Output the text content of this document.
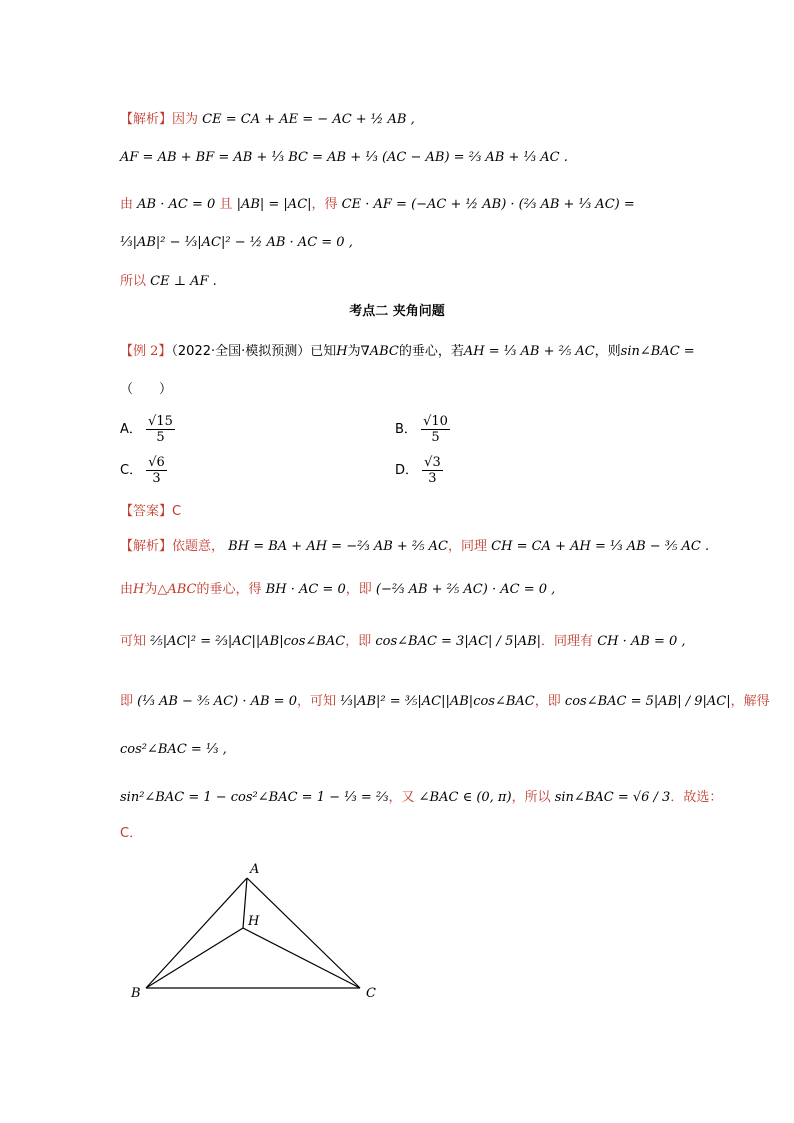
【解析】因为 CE = CA + AE = − AC + ½ AB ,
AF = AB + BF = AB + ⅓ BC = AB + ⅓ (AC − AB) = ⅔ AB + ⅓ AC .
由 AB · AC = 0 且 |AB| = |AC|，得 CE · AF = (−AC + ½ AB) · (⅔ AB + ⅓ AC) =
⅓|AB|² − ⅓|AC|² − ½ AB · AC = 0 ,
所以 CE ⊥ AF .
考点二 夹角问题
【例 2】（2022·全国·模拟预测）已知H为∇ABC的垂心，若AH = ⅓ AB + ⅖ AC，则sin∠BAC =
（　　）
A． $\frac{√15}{5}$	B． $\frac{√10}{5}$
C． $\frac{√6}{3}$	D． $\frac{√3}{3}$
【答案】C
【解析】依题意， BH = BA + AH = −⅔ AB + ⅖ AC，同理 CH = CA + AH = ⅓ AB − ⅗ AC .
由H为△ABC的垂心，得 BH · AC = 0，即 (−⅔ AB + ⅖ AC) · AC = 0 ,
可知 ⅖|AC|² = ⅔|AC||AB|cos∠BAC，即 cos∠BAC = 3|AC| / 5|AB|．同理有 CH · AB = 0 ,
即 (⅓ AB − ⅗ AC) · AB = 0，可知 ⅓|AB|² = ⅗|AC||AB|cos∠BAC，即 cos∠BAC = 5|AB| / 9|AC|，解得
cos²∠BAC = ⅓ ,
sin²∠BAC = 1 − cos²∠BAC = 1 − ⅓ = ⅔，又 ∠BAC ∈ (0, π)，所以 sin∠BAC = √6 / 3．故选：
C．
A
B	C
H
